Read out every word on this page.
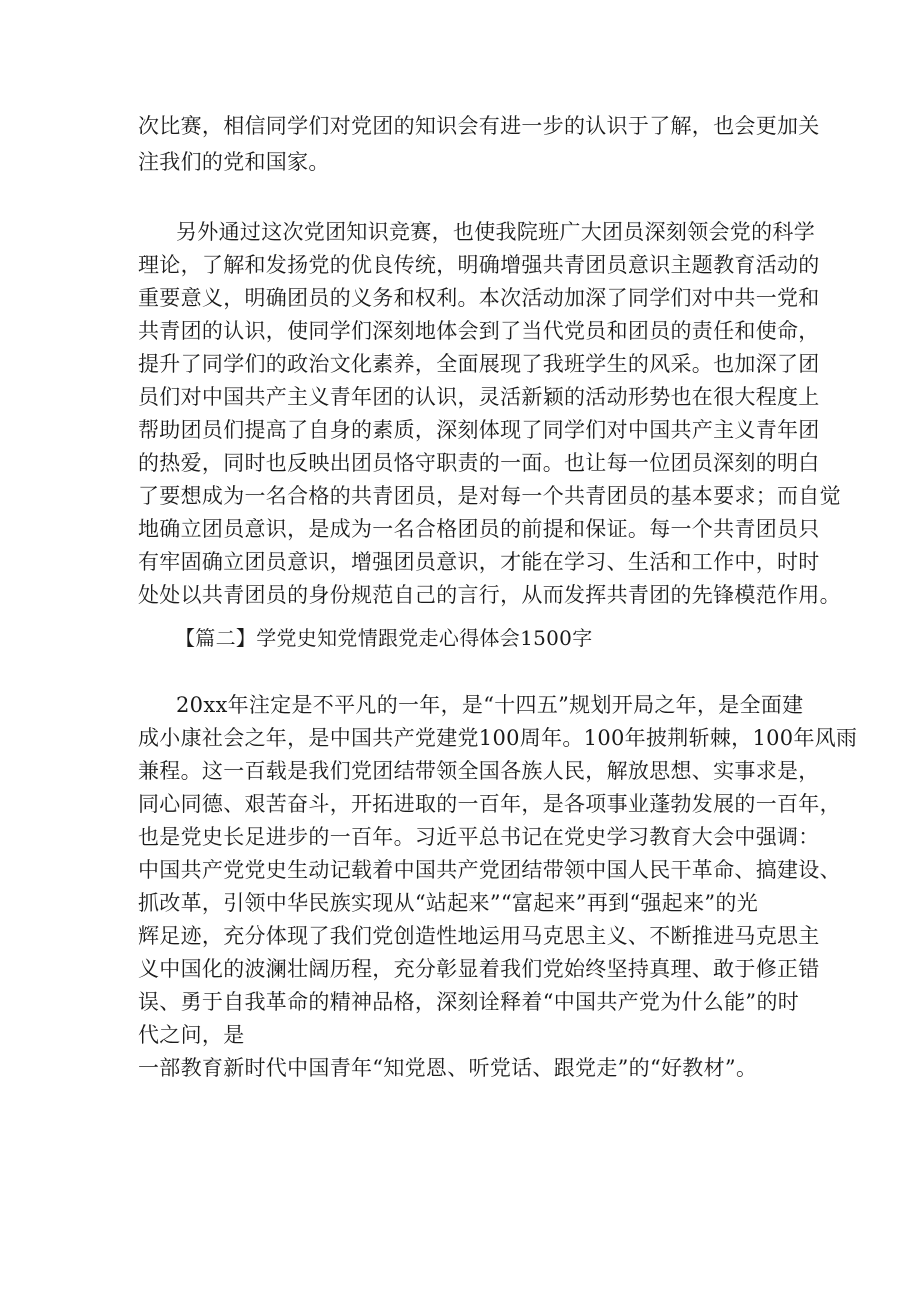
次比赛，相信同学们对党团的知识会有进一步的认识于了解，也会更加关
注我们的党和国家。
另外通过这次党团知识竞赛，也使我院班广大团员深刻领会党的科学
理论，了解和发扬党的优良传统，明确增强共青团员意识主题教育活动的
重要意义，明确团员的义务和权利。本次活动加深了同学们对中共一党和
共青团的认识，使同学们深刻地体会到了当代党员和团员的责任和使命，
提升了同学们的政治文化素养，全面展现了我班学生的风采。也加深了团
员们对中国共产主义青年团的认识，灵活新颖的活动形势也在很大程度上
帮助团员们提高了自身的素质，深刻体现了同学们对中国共产主义青年团
的热爱，同时也反映出团员恪守职责的一面。也让每一位团员深刻的明白
了要想成为一名合格的共青团员，是对每一个共青团员的基本要求；而自觉
地确立团员意识，是成为一名合格团员的前提和保证。每一个共青团员只
有牢固确立团员意识，增强团员意识，才能在学习、生活和工作中，时时
处处以共青团员的身份规范自己的言行，从而发挥共青团的先锋模范作用。
【篇二】学党史知党情跟党走心得体会1500字
20xx年注定是不平凡的一年，是“十四五”规划开局之年，是全面建
成小康社会之年，是中国共产党建党100周年。100年披荆斩棘，100年风雨
兼程。这一百载是我们党团结带领全国各族人民，解放思想、实事求是，
同心同德、艰苦奋斗，开拓进取的一百年，是各项事业蓬勃发展的一百年，
也是党史长足进步的一百年。习近平总书记在党史学习教育大会中强调：
中国共产党党史生动记载着中国共产党团结带领中国人民干革命、搞建设、
抓改革，引领中华民族实现从“站起来”“富起来”再到“强起来”的光
辉足迹，充分体现了我们党创造性地运用马克思主义、不断推进马克思主
义中国化的波澜壮阔历程，充分彰显着我们党始终坚持真理、敢于修正错
误、勇于自我革命的精神品格，深刻诠释着“中国共产党为什么能”的时
代之问，是
一部教育新时代中国青年“知党恩、听党话、跟党走”的“好教材”。
